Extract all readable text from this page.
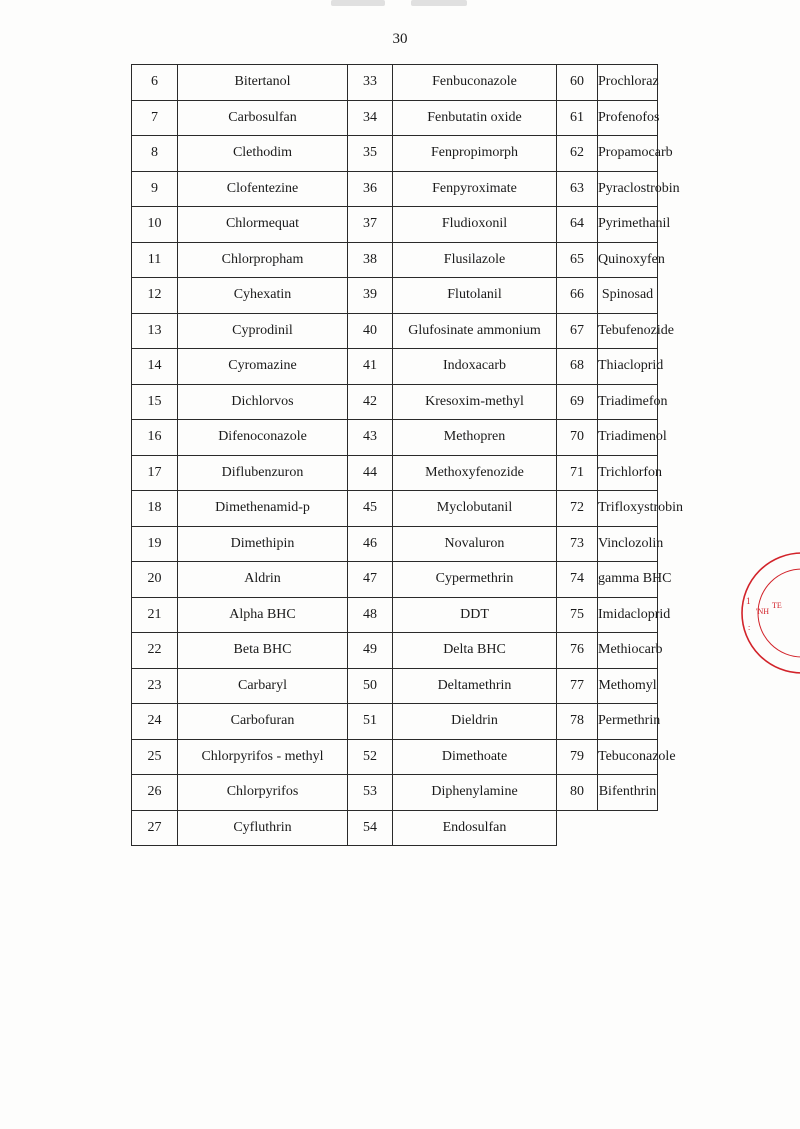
30
6	Bitertanol	33	Fenbuconazole	60	Prochloraz
7	Carbosulfan	34	Fenbutatin oxide	61	Profenofos
8	Clethodim	35	Fenpropimorph	62	Propamocarb
9	Clofentezine	36	Fenpyroximate	63	Pyraclostrobin
10	Chlormequat	37	Fludioxonil	64	Pyrimethanil
11	Chlorpropham	38	Flusilazole	65	Quinoxyfen
12	Cyhexatin	39	Flutolanil	66	Spinosad
13	Cyprodinil	40	Glufosinate ammonium	67	Tebufenozide
14	Cyromazine	41	Indoxacarb	68	Thiacloprid
15	Dichlorvos	42	Kresoxim-methyl	69	Triadimefon
16	Difenoconazole	43	Methopren	70	Triadimenol
17	Diflubenzuron	44	Methoxyfenozide	71	Trichlorfon
18	Dimethenamid-p	45	Myclobutanil	72	Trifloxystrobin
19	Dimethipin	46	Novaluron	73	Vinclozolin
20	Aldrin	47	Cypermethrin	74	gamma BHC
21	Alpha BHC	48	DDT	75	Imidacloprid
22	Beta BHC	49	Delta BHC	76	Methiocarb
23	Carbaryl	50	Deltamethrin	77	Methomyl
24	Carbofuran	51	Dieldrin	78	Permethrin
25	Chlorpyrifos - methyl	52	Dimethoate	79	Tebuconazole
26	Chlorpyrifos	53	Diphenylamine	80	Bifenthrin
27	Cyfluthrin	54	Endosulfan		
1
'NH
TE
:
